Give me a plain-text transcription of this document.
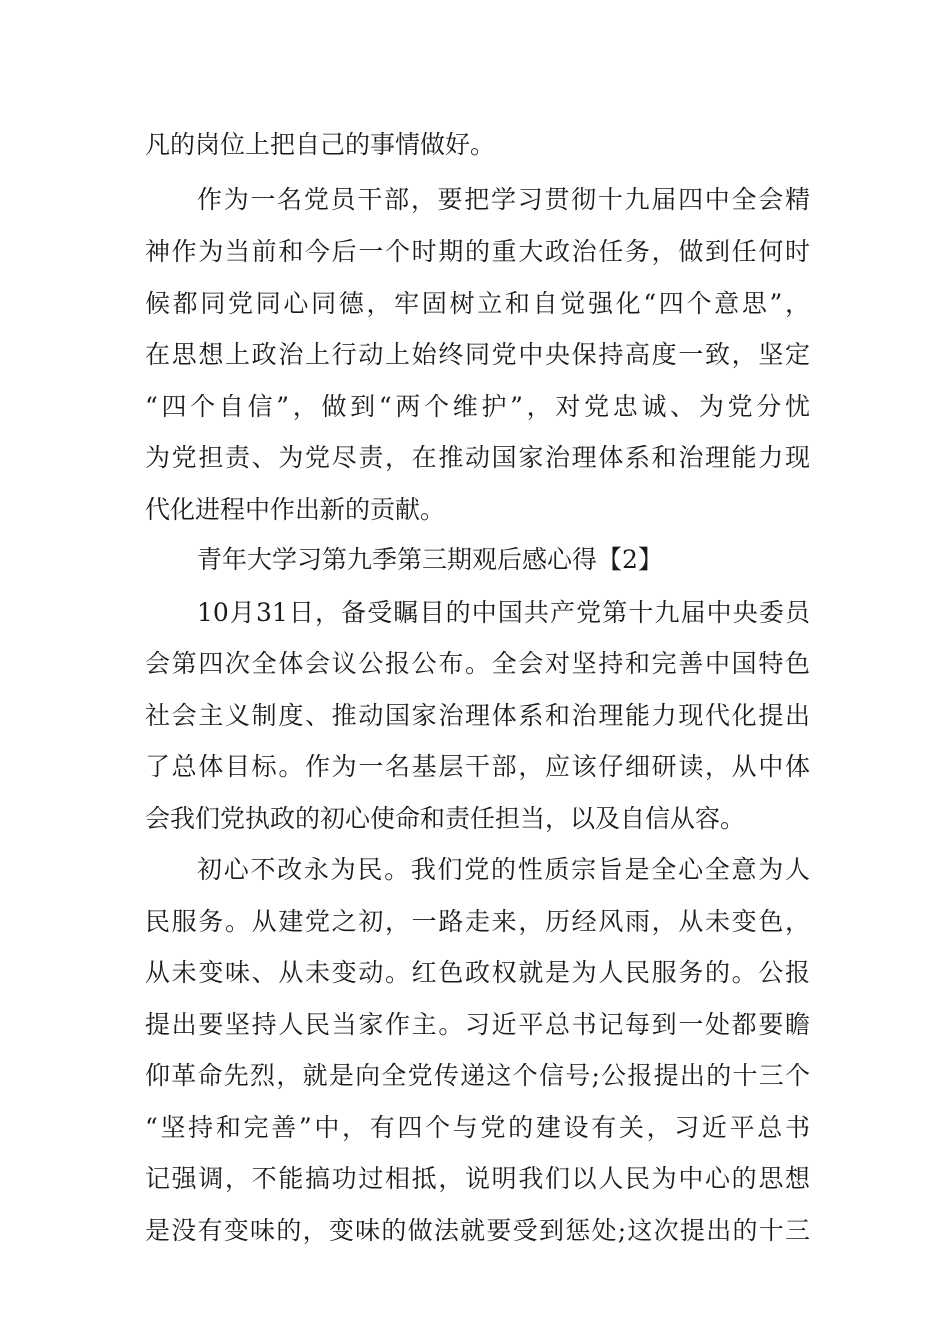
凡的岗位上把自己的事情做好。
作为一名党员干部，要把学习贯彻十九届四中全会精
神作为当前和今后一个时期的重大政治任务，做到任何时
候都同党同心同德，牢固树立和自觉强化“四个意思”，
在思想上政治上行动上始终同党中央保持高度一致，坚定
“四个自信”，做到“两个维护”，对党忠诚、为党分忧
为党担责、为党尽责，在推动国家治理体系和治理能力现
代化进程中作出新的贡献。
青年大学习第九季第三期观后感心得【2】
10月31日，备受瞩目的中国共产党第十九届中央委员
会第四次全体会议公报公布。全会对坚持和完善中国特色
社会主义制度、推动国家治理体系和治理能力现代化提出
了总体目标。作为一名基层干部，应该仔细研读，从中体
会我们党执政的初心使命和责任担当，以及自信从容。
初心不改永为民。我们党的性质宗旨是全心全意为人
民服务。从建党之初，一路走来，历经风雨，从未变色，
从未变味、从未变动。红色政权就是为人民服务的。公报
提出要坚持人民当家作主。习近平总书记每到一处都要瞻
仰革命先烈，就是向全党传递这个信号;公报提出的十三个
“坚持和完善”中，有四个与党的建设有关，习近平总书
记强调，不能搞功过相抵，说明我们以人民为中心的思想
是没有变味的，变味的做法就要受到惩处;这次提出的十三
